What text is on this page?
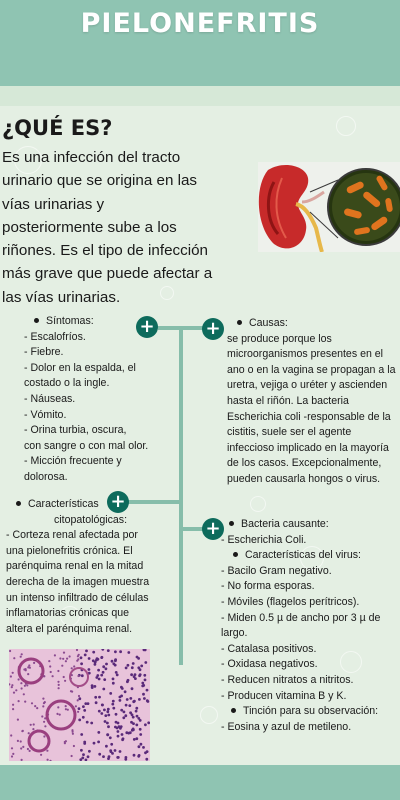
PIELONEFRITIS
¿QUÉ ES?
Es una infección del tracto
urinario que se origina en las
vías urinarias y
posteriormente sube a los
riñones. Es el tipo de infección
más grave que puede afectar a
las vías urinarias.
+	+
+
+
Síntomas:
- Escalofríos.
- Fiebre.
- Dolor en la espalda, el
costado o la ingle.
- Náuseas.
- Vómito.
- Orina turbia, oscura,
con sangre o con mal olor.
- Micción frecuente y
dolorosa.
Causas:
se produce porque los
microorganismos presentes en el
ano o en la vagina se propagan a la
uretra, vejiga o uréter y ascienden
hasta el riñón. La bacteria
Escherichia coli -responsable de la
cistitis, suele ser el agente
infeccioso implicado en la mayoría
de los casos. Excepcionalmente,
pueden causarla hongos o virus.
Características
citopatológicas:
- Corteza renal afectada por
una pielonefritis crónica. El
parénquima renal en la mitad
derecha de la imagen muestra
un intenso infiltrado de células
inflamatorias crónicas que
altera el parénquima renal.
Bacteria causante:
- Escherichia Coli.
Características del virus:
- Bacilo Gram negativo.
- No forma esporas.
- Móviles (flagelos perítricos).
- Miden 0.5 µ de ancho por 3 µ de
largo.
- Catalasa positivos.
- Oxidasa negativos.
- Reducen nitratos a nitritos.
- Producen vitamina B y K.
Tinción para su observación:
- Eosina y azul de metileno.
